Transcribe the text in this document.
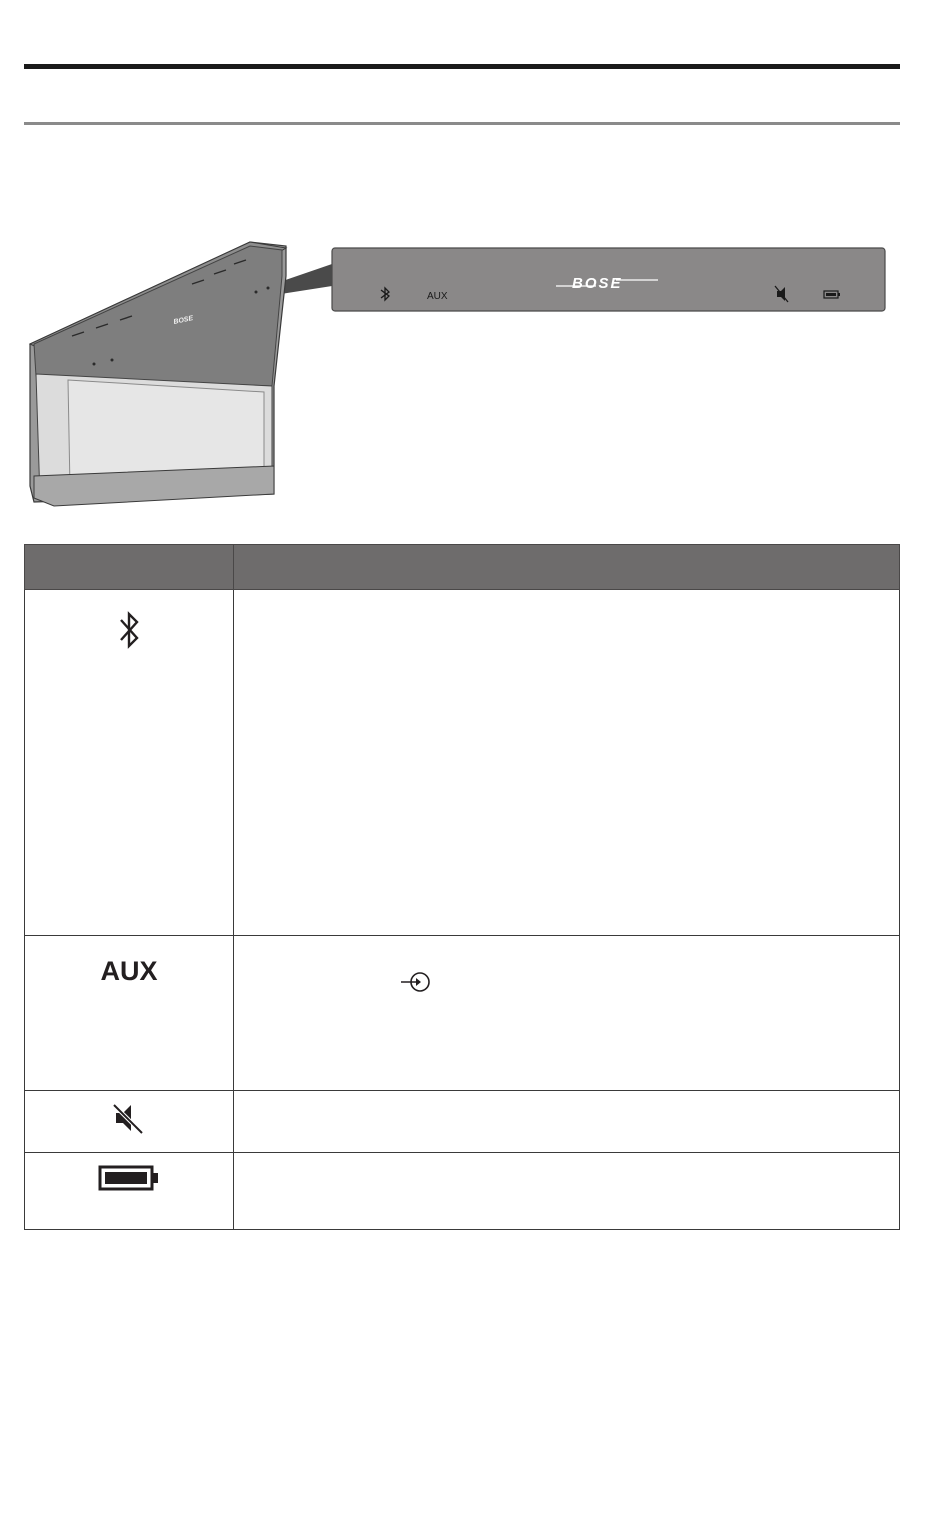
BOSE
AUX
BOSE

AUX	
